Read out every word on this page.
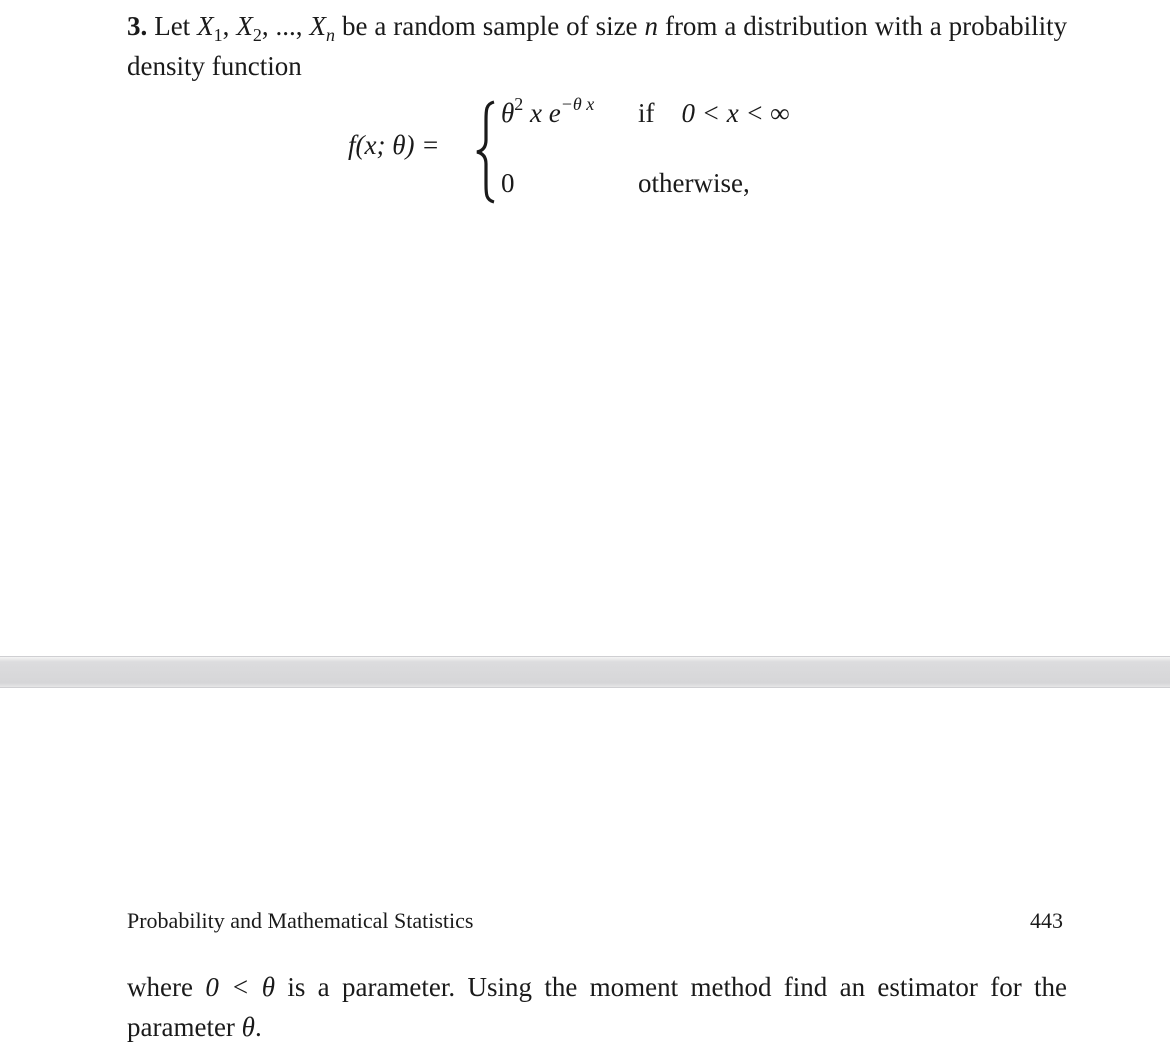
3. Let $X_1$, $X_2$, ..., $X_n$ be a random sample of size n from a distribution with a probability density function
f(x; θ) =
$\theta^2$ x $e^{-\theta x}$ if 0 < x < ∞
0	otherwise,
Probability and Mathematical Statistics	443
where 0 < θ is a parameter. Using the moment method find an estimator for the parameter θ.
